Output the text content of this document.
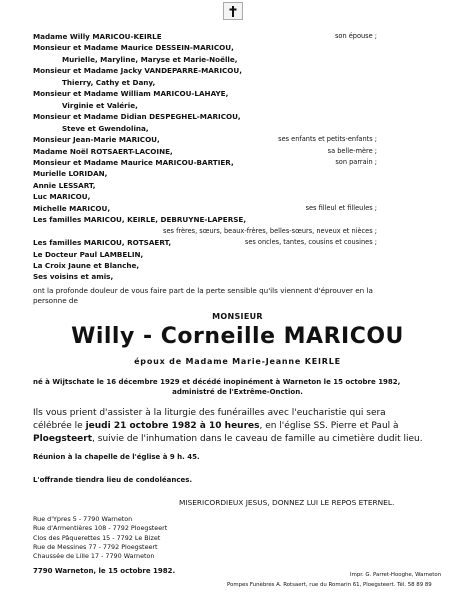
Madame Willy MARICOU-KEIRLE	son épouse ;
Monsieur et Madame Maurice DESSEIN-MARICOU,
Murielle, Maryline, Maryse et Marie-Noëlle,
Monsieur et Madame Jacky VANDEPARRE-MARICOU,
Thierry, Cathy et Dany,
Monsieur et Madame William MARICOU-LAHAYE,
Virginie et Valérie,
Monsieur et Madame Didian DESPEGHEL-MARICOU,
Steve et Gwendolina,
Monsieur Jean-Marie MARICOU,	ses enfants et petits-enfants ;
Madame Noël ROTSAERT-LACOINE,	sa belle-mère ;
Monsieur et Madame Maurice MARICOU-BARTIER,	son parrain ;
Murielle LORIDAN,
Annie LESSART,
Luc MARICOU,
Michelle MARICOU,	ses filleul et filleules ;
Les familles MARICOU, KEIRLE, DEBRUYNE-LAPERSE,
ses frères, sœurs, beaux-frères, belles-sœurs, neveux et nièces ;
Les familles MARICOU, ROTSAERT,	ses oncles, tantes, cousins et cousines ;
Le Docteur Paul LAMBELIN,
La Croix Jaune et Blanche,
Ses voisins et amis,
ont la profonde douleur de vous faire part de la perte sensible qu'ils viennent d'éprouver en la
personne de
MONSIEUR
Willy - Corneille MARICOU
époux de Madame Marie-Jeanne KEIRLE
né à Wijtschate le 16 décembre 1929 et décédé inopinément à Warneton le 15 octobre 1982,
administré de l'Extrême-Onction.
Ils vous prient d'assister à la liturgie des funérailles avec l'eucharistie qui sera
célébrée le jeudi 21 octobre 1982 à 10 heures, en l'église SS. Pierre et Paul à
Ploegsteert, suivie de l'inhumation dans le caveau de famille au cimetière dudit lieu.
Réunion à la chapelle de l'église à 9 h. 45.
L'offrande tiendra lieu de condoléances.
MISERICORDIEUX JESUS, DONNEZ LUI LE REPOS ETERNEL.
Rue d'Ypres 5 - 7790 Warneton
Rue d'Armentières 108 - 7792 Ploegsteert
Clos des Pâquerettes 15 - 7792 Le Bizet
Rue de Messines 77 - 7792 Ploegsteert
Chaussée de Lille 17 - 7790 Warneton
7790 Warneton, le 15 octobre 1982.	Impr. G. Parret-Hooghe, Warneton
Pompes Funèbres A. Rotsaert, rue du Romarin 61, Ploegsteert. Tél. 58 89 89
